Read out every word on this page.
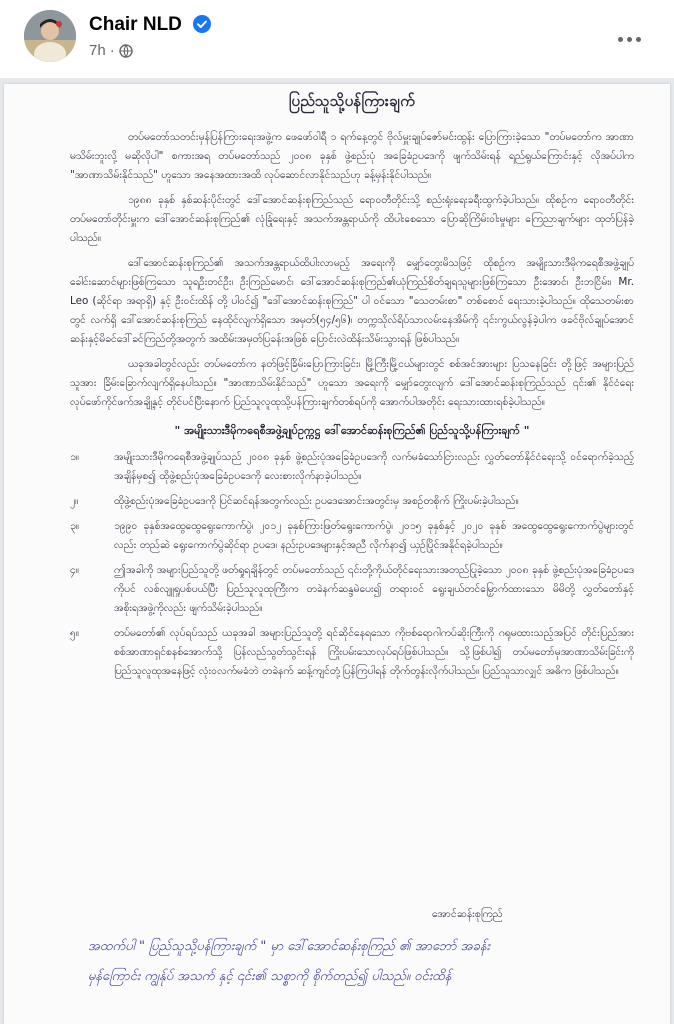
Chair NLD
7h ·
ပြည်သူသို့ပန်ကြားချက်

တပ်မတော်သတင်းမှန်ပြန်ကြားရေးအဖွဲ့က ဖေဖော်ဝါရီ ၁ ရက်နေ့တွင် ဗိုလ်မှူးချုပ်ဇော်မင်းထွန်း ပြောကြားခဲ့သော "တပ်မတော်က အာဏာမသိမ်းဘူးလို့ မဆိုလိုပါ" စကားအရ တပ်မတော်သည် ၂၀၀၈ ခုနှစ် ဖွဲ့စည်းပုံ အခြေခံဥပဒေကို ဖျက်သိမ်းရန် ရည်ရွယ်ကြောင်းနှင့် လိုအပ်ပါက "အာဏာသိမ်းနိုင်သည်" ဟူသော အနေအထားအထိ လုပ်ဆောင်လာနိုင်သည်ဟု ခန့်မှန်းနိုင်ပါသည်။

၁၉၈၈ ခုနှစ် နှစ်ဆန်းပိုင်းတွင် ဒေါ်အောင်ဆန်းစုကြည်သည် ရောဝတီတိုင်းသို့ စည်းရုံးရေးခရီးထွက်ခဲ့ပါသည်။ ထိုစဉ်က ရောဝတီတိုင်း တပ်မတော်တိုင်းမှူးက ဒေါ်အောင်ဆန်းစုကြည်၏ လုံခြုံရေးနှင့် အသက်အန္တရာယ်ကို ထိပါးစေသော ပြောဆိုကြိမ်းဝါးမှုများ ကြေညာချက်များ ထုတ်ပြန်ခဲ့ပါသည်။

ဒေါ်အောင်ဆန်းစုကြည်၏ အသက်အန္တရာယ်ထိပါးလာမည့် အရေးကို မျှော်တွေးမိသဖြင့် ထိုစဉ်က အမျိုးသားဒီမိုကရေစီအဖွဲ့ချုပ်ခေါင်းဆောင်များဖြစ်ကြသော သူရဦးတင်ဦး၊ ဦးကြည်မောင်၊ ဒေါ်အောင်ဆန်းစုကြည်၏ယုံကြည်စိတ်ချရသူများဖြစ်ကြသော ဦးအောင်၊ ဦးဘငြိမ်း၊ Mr. Leo (ဆိုင်ရာ အရာရှိ) နှင့် ဦးဝင်းထိန် တို့ ပါဝင်၍ "ဒေါ်အောင်ဆန်းစုကြည်" ပါ ဝင်သော "သေတမ်းစာ" တစ်စောင် ရေးသားခဲ့ပါသည်။ ထိုသေတမ်းစာတွင် လက်ရှိ ဒေါ်အောင်ဆန်းစုကြည် နေထိုင်လျက်ရှိသော အမှတ်(၅၄/၅၆)၊ တက္ကသိုလ်ရိပ်သာလမ်းနေအိမ်ကို ၎င်းကွယ်လွန်ခဲ့ပါက ဖခင်ဗိုလ်ချုပ်အောင်ဆန်းနှင့်မိခင်ဒေါ်ခင်ကြည်တို့အတွက် အထိမ်းအမှတ်ပြခန်းအဖြစ် ပြောင်းလဲထိန်းသိမ်းသွားရန် ဖြစ်ပါသည်။

ယခုအခါတွင်လည်း တပ်မတော်က နတ်ဖြင့်ခြိမ်းပြောကြားခြင်း၊ မြို့ကြီးမြို့ငယ်များတွင် စစ်အင်အားများ ပြသနေခြင်း တို့ဖြင့် အများပြည်သူအား ခြိမ်းခြောက်လျက်ရှိနေပါသည်။ "အာဏာသိမ်းနိုင်သည်" ဟူသော အရေးကို မျှော်တွေးလျက် ဒေါ်အောင်ဆန်းစုကြည်သည် ၎င်း၏ နိုင်ငံရေးလုပ်ဖော်ကိုင်ဖက်အချို့နှင့် တိုင်ပင်ပြီးနောက် ပြည်သူလူထုသို့ပန်ကြားချက်တစ်ရပ်ကို အောက်ပါအတိုင်း ရေးသားထားရစ်ခဲ့ပါသည်။

" အမျိုးသားဒီမိုကရေစီအဖွဲ့ချုပ်ဥက္ကဋ္ဌ ဒေါ်အောင်ဆန်းစုကြည်၏ ပြည်သူသို့ပန်ကြားချက် "
၁။	အမျိုးသားဒီမိုကရေစီအဖွဲ့ချုပ်သည် ၂၀၀၈ ခုနှစ် ဖွဲ့စည်းပုံအခြေခံဥပဒေကို လက်မခံသော်ငြားလည်း လွှတ်တော်နိုင်ငံရေးသို့ ဝင်ရောက်ခဲ့သည့်အချိန်မှစ၍ ထိုဖွဲ့စည်းပုံအခြေခံဥပဒေကို လေးစားလိုက်နာခဲ့ပါသည်။
၂။	ထိုဖွဲ့စည်းပုံအခြေခံဥပဒေကို ပြင်ဆင်ရန်အတွက်လည်း ဥပဒေအောင်းအတွင်းမှ အစဉ်တစိုက် ကြိုးပမ်းခဲ့ပါသည်။
၃။	၁၉၉၀ ခုနှစ်အထွေထွေရွေးကောက်ပွဲ၊ ၂၀၁၂ ခုနှစ်ကြားဖြတ်ရွေးကောက်ပွဲ၊ ၂၀၁၅ ခုနှစ်နှင့် ၂၀၂၀ ခုနှစ် အထွေထွေရွေးကောက်ပွဲများတွင်လည်း တည်ဆဲ ရွေးကောက်ပွဲဆိုင်ရာ ဥပဒေ၊ နည်းဥပဒေများနှင့်အညီ လိုက်နာ၍ ယှဉ်ပြိုင်အနိုင်ရခဲ့ပါသည်။
၄။	ဤအခါကို အများပြည်သူတို့ ဖတ်ရှုရချိန်တွင် တပ်မတော်သည် ၎င်းတို့ကိုယ်တိုင်ရေးသားအတည်ပြုခဲ့သော ၂၀၀၈ ခုနှစ် ဖွဲ့စည်းပုံအခြေခံဥပဒေကိုပင် လစ်လျူရှုပစ်ပယ်ပြီး ပြည်သူလူထုကြီးက တခဲနက်ဆန္ဒမဲပေး၍ တရားဝင် ရွေးချယ်တင်မြှောက်ထားသော မိမိတို့ လွှတ်တော်နှင့် အစိုးရအဖွဲ့ကိုလည်း ဖျက်သိမ်းခဲ့ပါသည်။
၅။	တပ်မတော်၏ လုပ်ရပ်သည် ယခုအခါ အများပြည်သူတို့ ရင်ဆိုင်နေရသော ကိုဗစ်ရောဂါကပ်ဆိုးကြီးကို ဂရုမထားသည့်အပြင် တိုင်းပြည်အား စစ်အာဏာရှင်စနစ်အောက်သို့ ပြန်လည်သွတ်သွင်းရန် ကြိုးပမ်းသောလုပ်ရပ်ဖြစ်ပါသည်။ သို့ဖြစ်ပါ၍ တပ်မတော်မှအာဏာသိမ်းခြင်းကို ပြည်သူလူထုအနေဖြင့် လုံးဝလက်မခံဘဲ တခဲနက် ဆန့်ကျင်တုံ့ပြန်ကြပါရန် တိုက်တွန်းလိုက်ပါသည်။ ပြည်သူသာလျှင် အဓိက ဖြစ်ပါသည်။
အောင်ဆန်းစုကြည်
အထက်ပါ " ပြည်သူသို့ပန်ကြားချက် " မှာ ဒေါ်အောင်ဆန်းစုကြည် ၏ အာဘော် အခန်း
မှန်ကြောင်း ကျွန်ုပ် အသက် နှင့် ၎င်း၏ သစ္စာကို စိုက်တည်၍ ပါသည်။ ဝင်းထိန်
